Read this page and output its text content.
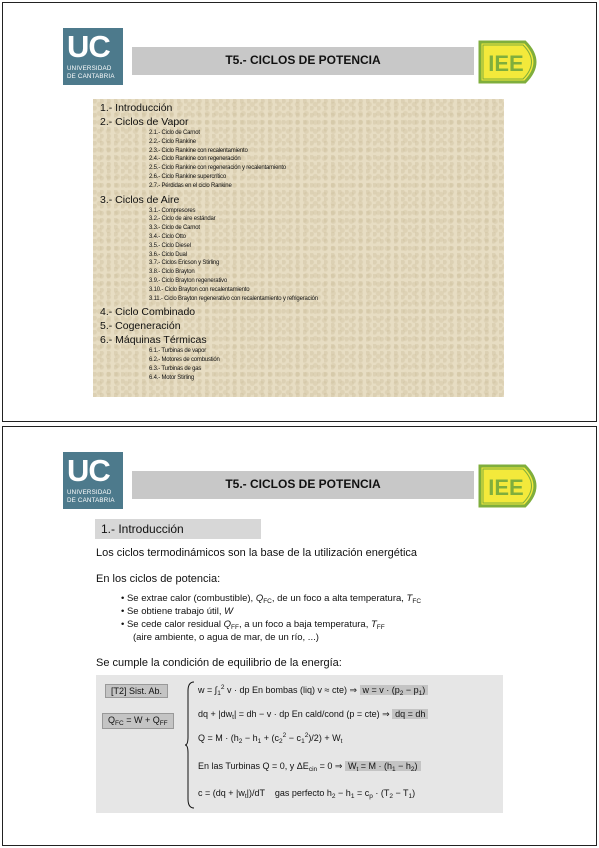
UC
UNIVERSIDAD
DE CANTABRIA
T5.- CICLOS DE POTENCIA	IEE
1.- Introducción
2.- Ciclos de Vapor
2.1.- Ciclo de Carnot
2.2.- Ciclo Rankine
2.3.- Ciclo Rankine con recalentamiento
2.4.- Ciclo Rankine con regeneración
2.5.- Ciclo Rankine con regeneración y recalentamiento
2.6.- Ciclo Rankine supercrítico
2.7.- Pérdidas en el ciclo Rankine
3.- Ciclos de Aire
3.1.- Compresores
3.2.- Ciclo de aire estándar
3.3.- Ciclo de Carnot
3.4.- Ciclo Otto
3.5.- Ciclo Diesel
3.6.- Ciclo Dual
3.7.- Ciclos Ericson y Stirling
3.8.- Ciclo Brayton
3.9.- Ciclo Brayton regenerativo
3.10.- Ciclo Brayton con recalentamiento
3.11.- Ciclo Brayton regenerativo con recalentamiento y refrigeración
4.- Ciclo Combinado
5.- Cogeneración
6.- Máquinas Térmicas
6.1.- Turbinas de vapor
6.2.- Motores de combustión
6.3.- Turbinas de gas
6.4.- Motor Stirling
UC
UNIVERSIDAD
DE CANTABRIA
T5.- CICLOS DE POTENCIA	IEE
1.- Introducción
Los ciclos termodinámicos son la base de la utilización energética
En los ciclos de potencia:
• Se extrae calor (combustible), $Q_{FC}$, de un foco a alta temperatura, $T_{FC}$
• Se obtiene trabajo útil, W
• Se cede calor residual $Q_{FF}$, a un foco a baja temperatura, $T_{FF}$
(aire ambiente, o agua de mar, de un río, ...)
Se cumple la condición de equilibrio de la energía:
[T2] Sist. Ab.
$Q_{FC} = W + Q_{FF}$
$w = \int_1^2$ v · dp En bombas (liq) v ≈ cte) ⇒ $w = v \cdot (p_2 - p_1)$
dq + $|dw_t|$ = dh − v · dp En cald/cond (p = cte) ⇒ dq = dh
$Q = M \cdot (h_2 - h_1 + (c_2^2 - c_1^2)/2) + W_t$
En las Turbinas Q = 0, y $\Delta E_{cin} = 0$ ⇒ $W_t = M \cdot (h_1 - h_2)$
$c = (dq + |w_t|)/dT$ gas perfecto $h_2 - h_1 = c_p \cdot (T_2 - T_1)$
